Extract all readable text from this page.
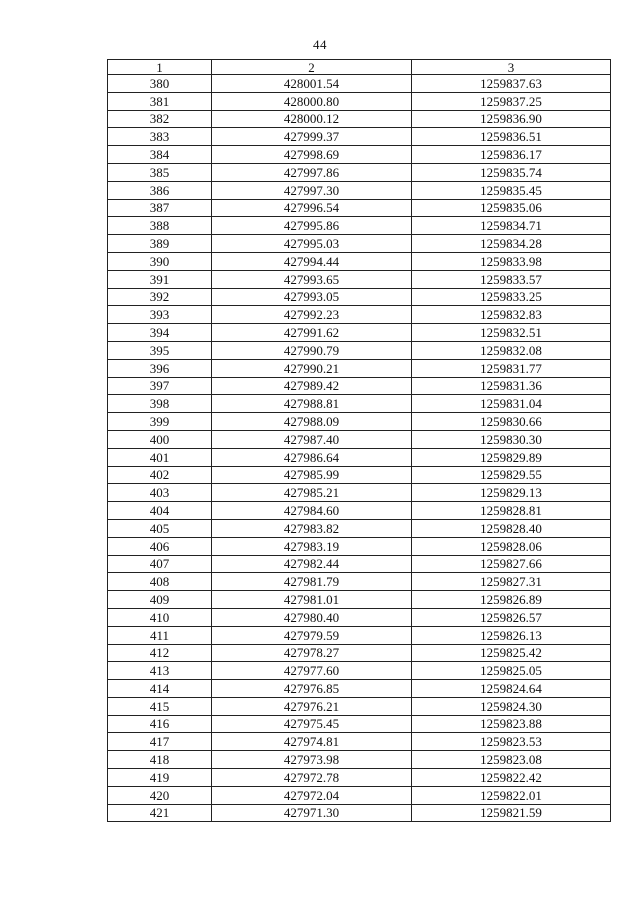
44
1	2	3
380	428001.54	1259837.63
381	428000.80	1259837.25
382	428000.12	1259836.90
383	427999.37	1259836.51
384	427998.69	1259836.17
385	427997.86	1259835.74
386	427997.30	1259835.45
387	427996.54	1259835.06
388	427995.86	1259834.71
389	427995.03	1259834.28
390	427994.44	1259833.98
391	427993.65	1259833.57
392	427993.05	1259833.25
393	427992.23	1259832.83
394	427991.62	1259832.51
395	427990.79	1259832.08
396	427990.21	1259831.77
397	427989.42	1259831.36
398	427988.81	1259831.04
399	427988.09	1259830.66
400	427987.40	1259830.30
401	427986.64	1259829.89
402	427985.99	1259829.55
403	427985.21	1259829.13
404	427984.60	1259828.81
405	427983.82	1259828.40
406	427983.19	1259828.06
407	427982.44	1259827.66
408	427981.79	1259827.31
409	427981.01	1259826.89
410	427980.40	1259826.57
411	427979.59	1259826.13
412	427978.27	1259825.42
413	427977.60	1259825.05
414	427976.85	1259824.64
415	427976.21	1259824.30
416	427975.45	1259823.88
417	427974.81	1259823.53
418	427973.98	1259823.08
419	427972.78	1259822.42
420	427972.04	1259822.01
421	427971.30	1259821.59
